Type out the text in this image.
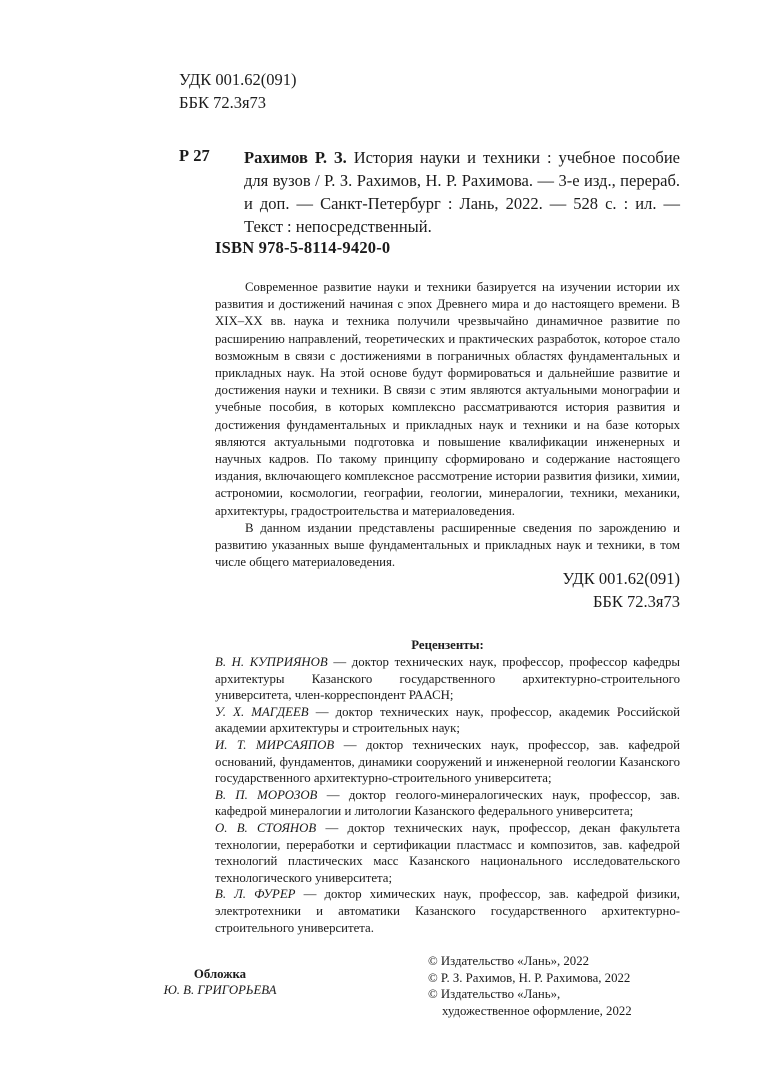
УДК 001.62(091)
ББК 72.3я73
Р 27 Рахимов Р. З. История науки и техники : учебное пособие для вузов / Р. З. Рахимов, Н. Р. Рахимова. — 3-е изд., перераб. и доп. — Санкт-Петербург : Лань, 2022. — 528 с. : ил. — Текст : непосредственный.
ISBN 978-5-8114-9420-0

Современное развитие науки и техники базируется на изучении истории их развития и достижений начиная с эпох Древнего мира и до настоящего времени. В XIX–XX вв. наука и техника получили чрезвычайно динамичное развитие по расширению направлений, теоретических и практических разработок, которое стало возможным в связи с достижениями в пограничных областях фундаментальных и прикладных наук. На этой основе будут формироваться и дальнейшие развитие и достижения науки и техники. В связи с этим являются актуальными монографии и учебные пособия, в которых комплексно рассматриваются история развития и достижения фундаментальных и прикладных наук и техники и на базе которых являются актуальными подготовка и повышение квалификации инженерных и научных кадров. По такому принципу сформировано и содержание настоящего издания, включающего комплексное рассмотрение истории развития физики, химии, астрономии, космологии, географии, геологии, минералогии, техники, механики, архитектуры, градостроительства и материаловедения.

В данном издании представлены расширенные сведения по зарождению и развитию указанных выше фундаментальных и прикладных наук и техники, в том числе общего материаловедения.

УДК 001.62(091)
ББК 72.3я73
Рецензенты:

В. Н. КУПРИЯНОВ — доктор технических наук, профессор, профессор кафедры архитектуры Казанского государственного архитектурно-строительного университета, член-корреспондент РААСН;

У. Х. МАГДЕЕВ — доктор технических наук, профессор, академик Российской академии архитектуры и строительных наук;

И. Т. МИРСАЯПОВ — доктор технических наук, профессор, зав. кафедрой оснований, фундаментов, динамики сооружений и инженерной геологии Казанского государственного архитектурно-строительного университета;

В. П. МОРОЗОВ — доктор геолого-минералогических наук, профессор, зав. кафедрой минералогии и литологии Казанского федерального университета;

О. В. СТОЯНОВ — доктор технических наук, профессор, декан факультета технологии, переработки и сертификации пластмасс и композитов, зав. кафедрой технологий пластических масс Казанского национального исследовательского технологического университета;

В. Л. ФУРЕР — доктор химических наук, профессор, зав. кафедрой физики, электротехники и автоматики Казанского государственного архитектурно-строительного университета.

Обложка
Ю. В. ГРИГОРЬЕВА
© Издательство «Лань», 2022
© Р. З. Рахимов, Н. Р. Рахимова, 2022
© Издательство «Лань»,
художественное оформление, 2022
